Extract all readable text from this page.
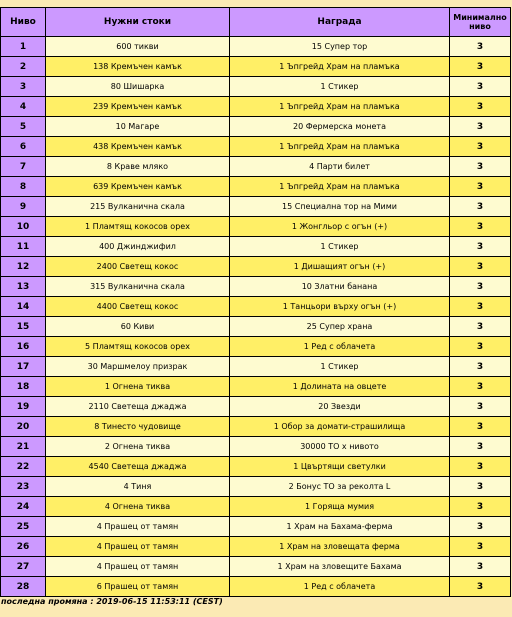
Ниво	Нужни стоки	Награда	Минимално ниво
1	600 тикви	15 Супер тор	3
2	138 Кремъчен камък	1 Ъпгрейд Храм на пламъка	3
3	80 Шишарка	1 Стикер	3
4	239 Кремъчен камък	1 Ъпгрейд Храм на пламъка	3
5	10 Магаре	20 Фермерска монета	3
6	438 Кремъчен камък	1 Ъпгрейд Храм на пламъка	3
7	8 Краве мляко	4 Парти билет	3
8	639 Кремъчен камък	1 Ъпгрейд Храм на пламъка	3
9	215 Вулканична скала	15 Специална тор на Мими	3
10	1 Пламтящ кокосов орех	1 Жонгльор с огън (+)	3
11	400 Джинджифил	1 Стикер	3
12	2400 Светещ кокос	1 Дишащият огън (+)	3
13	315 Вулканична скала	10 Златни банана	3
14	4400 Светещ кокос	1 Танцьори върху огън (+)	3
15	60 Киви	25 Супер храна	3
16	5 Пламтящ кокосов орех	1 Ред с облачета	3
17	30 Маршмелоу призрак	1 Стикер	3
18	1 Огнена тиква	1 Долината на овцете	3
19	2110 Светеща джаджа	20 Звезди	3
20	8 Тинесто чудовище	1 Обор за домати-страшилища	3
21	2 Огнена тиква	30000 TO x нивото	3
22	4540 Светеща джаджа	1 Цвъртящи светулки	3
23	4 Тиня	2 Бонус TO за реколта L	3
24	4 Огнена тиква	1 Горяща мумия	3
25	4 Прашец от тамян	1 Храм на Бахама-ферма	3
26	4 Прашец от тамян	1 Храм на зловещата ферма	3
27	4 Прашец от тамян	1 Храм на зловещите Бахама	3
28	6 Прашец от тамян	1 Ред с облачета	3
последна промяна : 2019-06-15 11:53:11 (CEST)
